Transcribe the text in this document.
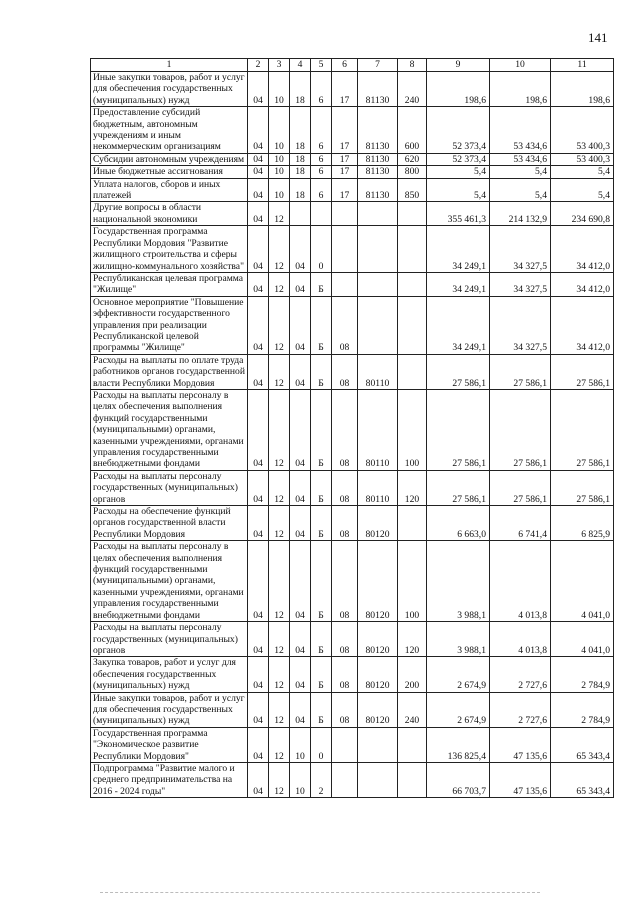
141
1	2	3	4	5	6	7	8	9	10	11
Иные закупки товаров, работ и услуг для обеспечения государственных (муниципальных) нужд	04	10	18	6	17	81130	240	198,6	198,6	198,6
Предоставление субсидий бюджетным, автономным учреждениям и иным некоммерческим организациям	04	10	18	6	17	81130	600	52 373,4	53 434,6	53 400,3
Субсидии автономным учреждениям	04	10	18	6	17	81130	620	52 373,4	53 434,6	53 400,3
Иные бюджетные ассигнования	04	10	18	6	17	81130	800	5,4	5,4	5,4
Уплата налогов, сборов и иных платежей	04	10	18	6	17	81130	850	5,4	5,4	5,4
Другие вопросы в области национальной экономики	04	12						355 461,3	214 132,9	234 690,8
Государственная программа Республики Мордовия "Развитие жилищного строительства и сферы жилищно-коммунального хозяйства"	04	12	04	0				34 249,1	34 327,5	34 412,0
Республиканская целевая программа "Жилище"	04	12	04	Б				34 249,1	34 327,5	34 412,0
Основное мероприятие "Повышение эффективности государственного управления при реализации Республиканской целевой программы "Жилище"	04	12	04	Б	08			34 249,1	34 327,5	34 412,0
Расходы на выплаты по оплате труда работников органов государственной власти Республики Мордовия	04	12	04	Б	08	80110		27 586,1	27 586,1	27 586,1
Расходы на выплаты персоналу в целях обеспечения выполнения функций государственными (муниципальными) органами, казенными учреждениями, органами управления государственными внебюджетными фондами	04	12	04	Б	08	80110	100	27 586,1	27 586,1	27 586,1
Расходы на выплаты персоналу государственных (муниципальных) органов	04	12	04	Б	08	80110	120	27 586,1	27 586,1	27 586,1
Расходы на обеспечение функций органов государственной власти Республики Мордовия	04	12	04	Б	08	80120		6 663,0	6 741,4	6 825,9
Расходы на выплаты персоналу в целях обеспечения выполнения функций государственными (муниципальными) органами, казенными учреждениями, органами управления государственными внебюджетными фондами	04	12	04	Б	08	80120	100	3 988,1	4 013,8	4 041,0
Расходы на выплаты персоналу государственных (муниципальных) органов	04	12	04	Б	08	80120	120	3 988,1	4 013,8	4 041,0
Закупка товаров, работ и услуг для обеспечения государственных (муниципальных) нужд	04	12	04	Б	08	80120	200	2 674,9	2 727,6	2 784,9
Иные закупки товаров, работ и услуг для обеспечения государственных (муниципальных) нужд	04	12	04	Б	08	80120	240	2 674,9	2 727,6	2 784,9
Государственная программа "Экономическое развитие Республики Мордовия"	04	12	10	0				136 825,4	47 135,6	65 343,4
Подпрограмма "Развитие малого и среднего предпринимательства на 2016 - 2024 годы"	04	12	10	2				66 703,7	47 135,6	65 343,4
